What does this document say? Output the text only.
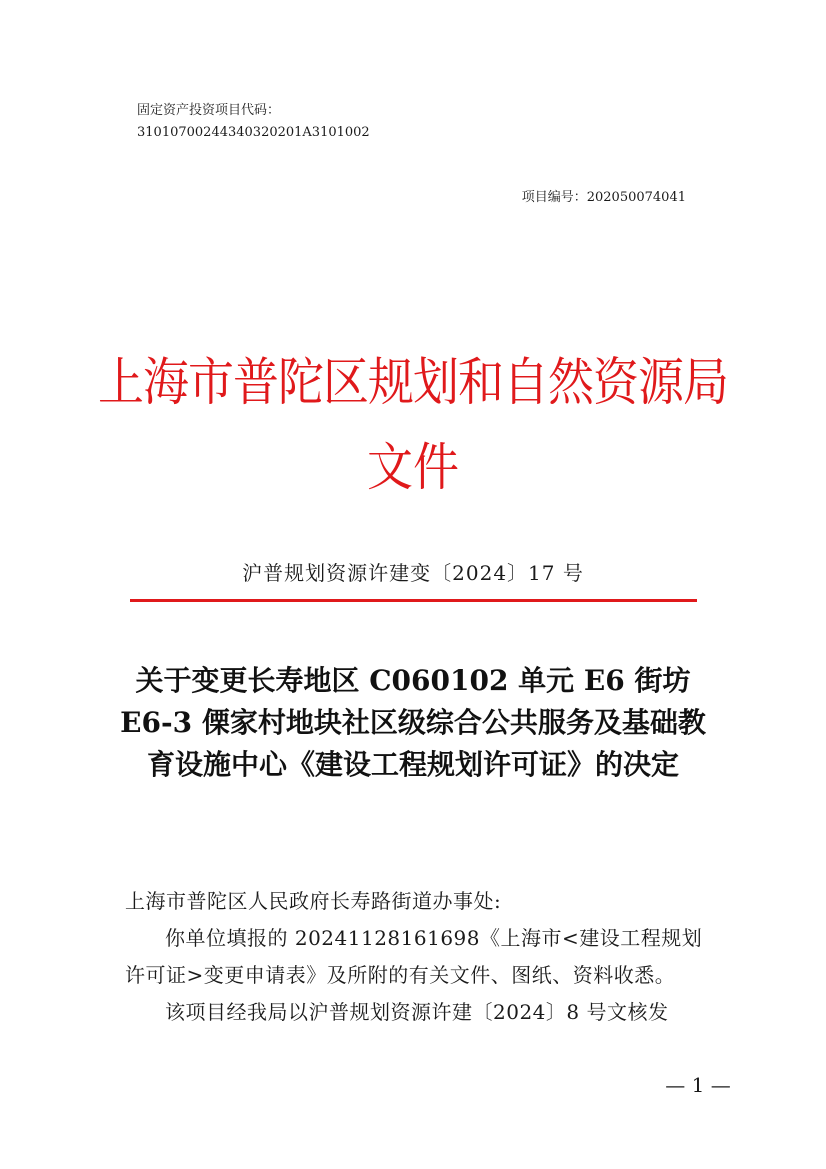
固定资产投资项目代码：
31010700244340320201A3101002
项目编号：202050074041
上海市普陀区规划和自然资源局
文件
沪普规划资源许建变〔2024〕17 号
关于变更长寿地区 C060102 单元 E6 街坊 E6-3 傈家村地块社区级综合公共服务及基础教育设施中心《建设工程规划许可证》的决定
上海市普陀区人民政府长寿路街道办事处:
你单位填报的 20241128161698《上海市<建设工程规划许可证>变更申请表》及所附的有关文件、图纸、资料收悉。
该项目经我局以沪普规划资源许建〔2024〕8 号文核发
— 1 —
